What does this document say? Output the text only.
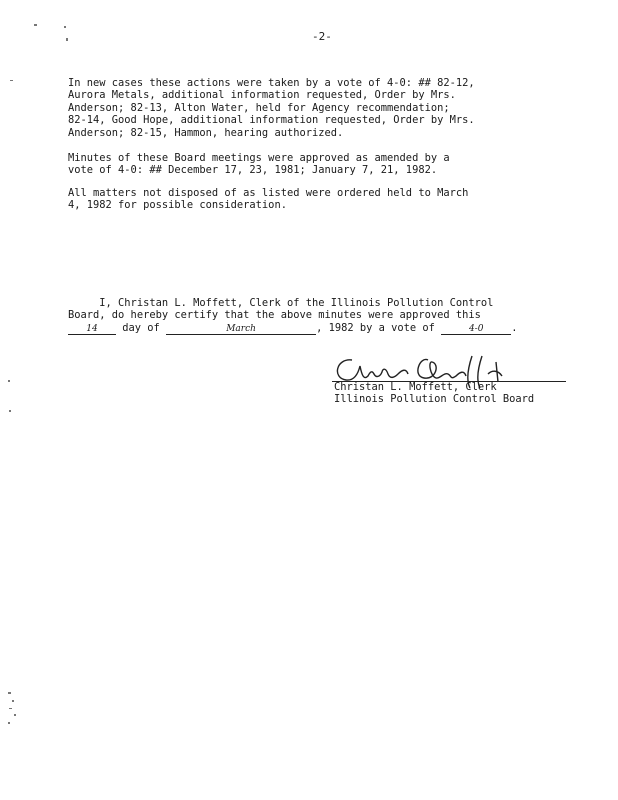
-2-

In new cases these actions were taken by a vote of 4-0: ## 82-12,
Aurora Metals, additional information requested, Order by Mrs.
Anderson; 82-13, Alton Water, held for Agency recommendation;
82-14, Good Hope, additional information requested, Order by Mrs.
Anderson; 82-15, Hammon, hearing authorized.

Minutes of these Board meetings were approved as amended by a
vote of 4-0: ## December 17, 23, 1981; January 7, 21, 1982.

All matters not disposed of as listed were ordered held to March
4, 1982 for possible consideration.

I, Christan L. Moffett, Clerk of the Illinois Pollution Control
Board, do hereby certify that the above minutes were approved this
14 day of	March	, 1982 by a vote of	4-0	.
Christan L. Moffett, Clerk
Illinois Pollution Control Board
